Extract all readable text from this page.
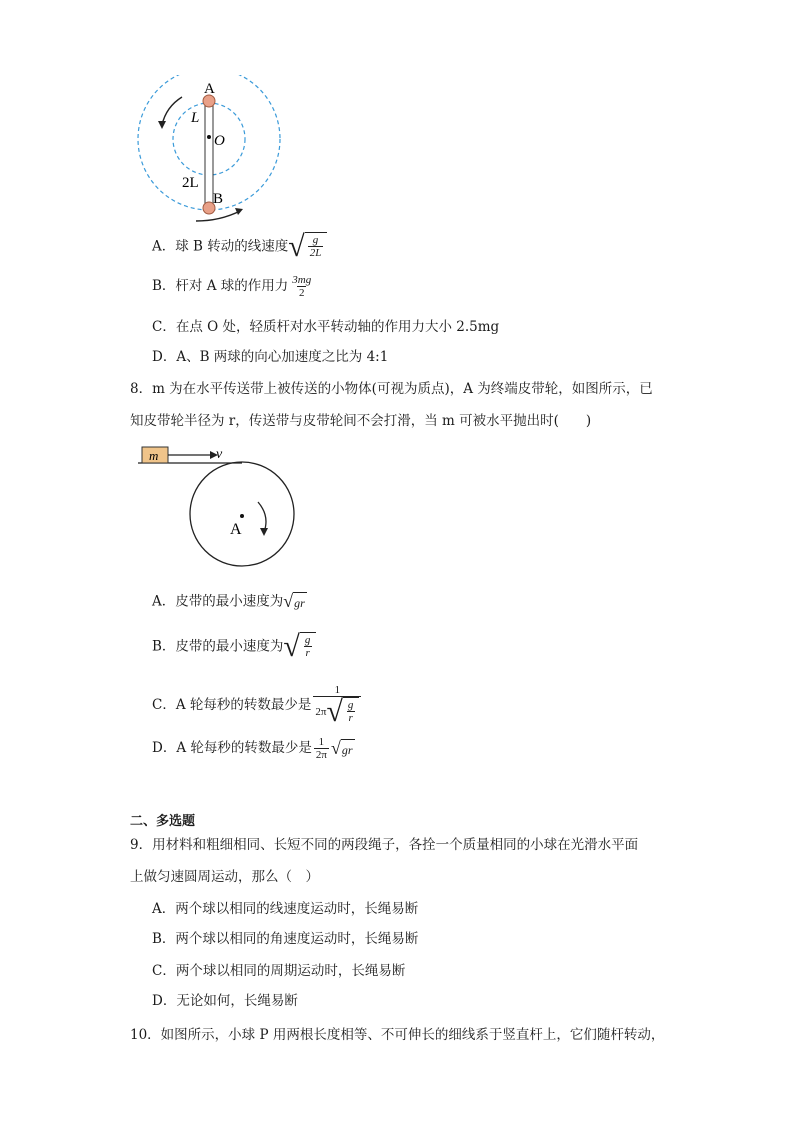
A
L
O
2L
B
A．球 B 转动的线速度 √ $\frac{g}{2L}$
B．杆对 A 球的作用力 $\frac{3mg}{2}$
C．在点 O 处，轻质杆对水平转动轴的作用力大小 2.5mg
D．A、B 两球的向心加速度之比为 4:1
8．m 为在水平传送带上被传送的小物体(可视为质点)，A 为终端皮带轮，如图所示，已
知皮带轮半径为 r，传送带与皮带轮间不会打滑，当 m 可被水平抛出时(　　)
m	v
A
A．皮带的最小速度为 √ gr
B．皮带的最小速度为 √ $\frac{g}{r}$
C．A 轮每秒的转数最少是 $\frac{1}{2\pi √ \frac{g}{r}}$
D．A 轮每秒的转数最少是 $\frac{1}{2\pi}$ √ gr
二、多选题
9．用材料和粗细相同、长短不同的两段绳子，各拴一个质量相同的小球在光滑水平面
上做匀速圆周运动，那么（　）
A．两个球以相同的线速度运动时，长绳易断
B．两个球以相同的角速度运动时，长绳易断
C．两个球以相同的周期运动时，长绳易断
D．无论如何，长绳易断
10．如图所示，小球 P 用两根长度相等、不可伸长的细线系于竖直杆上，它们随杆转动，
